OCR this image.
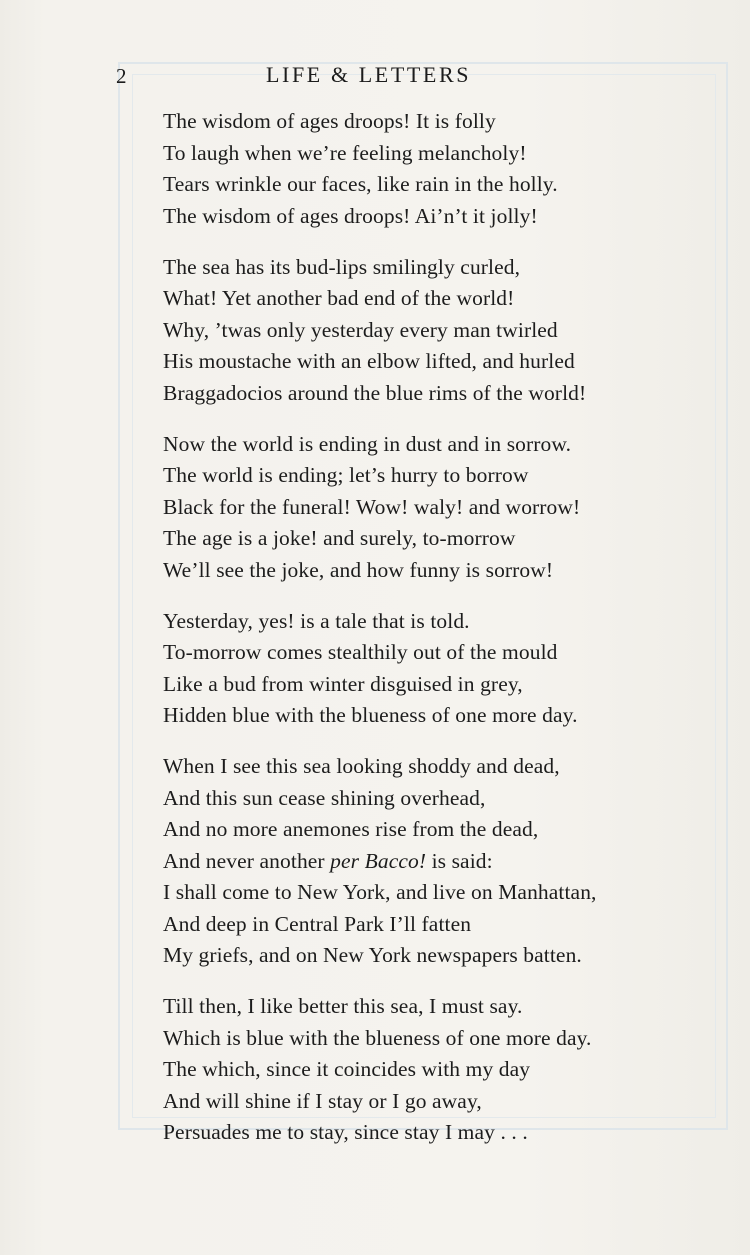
2	LIFE & LETTERS
The wisdom of ages droops! It is folly
To laugh when we’re feeling melancholy!
Tears wrinkle our faces, like rain in the holly.
The wisdom of ages droops! Ai’n’t it jolly!
The sea has its bud-lips smilingly curled,
What! Yet another bad end of the world!
Why, ’twas only yesterday every man twirled
His moustache with an elbow lifted, and hurled
Braggadocios around the blue rims of the world!
Now the world is ending in dust and in sorrow.
The world is ending; let’s hurry to borrow
Black for the funeral! Wow! waly! and worrow!
The age is a joke! and surely, to-morrow
We’ll see the joke, and how funny is sorrow!
Yesterday, yes! is a tale that is told.
To-morrow comes stealthily out of the mould
Like a bud from winter disguised in grey,
Hidden blue with the blueness of one more day.
When I see this sea looking shoddy and dead,
And this sun cease shining overhead,
And no more anemones rise from the dead,
And never another per Bacco! is said:
I shall come to New York, and live on Manhattan,
And deep in Central Park I’ll fatten
My griefs, and on New York newspapers batten.
Till then, I like better this sea, I must say.
Which is blue with the blueness of one more day.
The which, since it coincides with my day
And will shine if I stay or I go away,
Persuades me to stay, since stay I may . . .
